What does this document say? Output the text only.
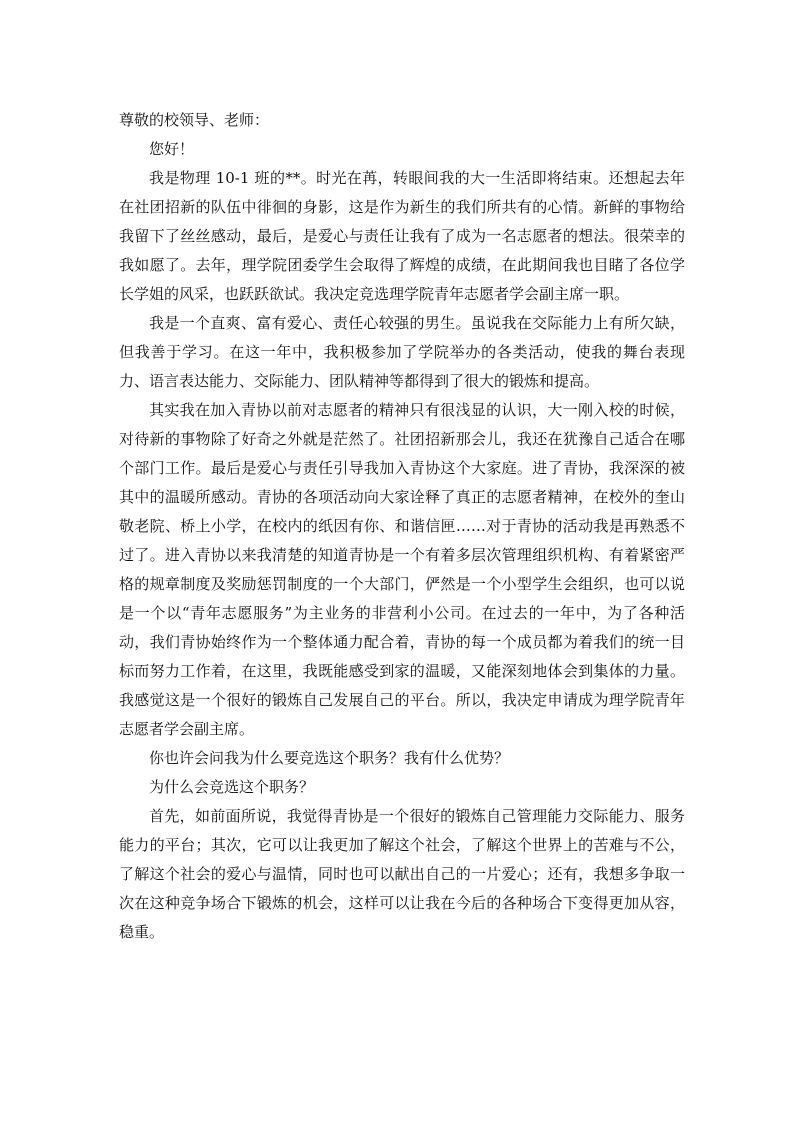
尊敬的校领导、老师：

您好！

我是物理 10-1 班的**。时光在苒，转眼间我的大一生活即将结束。还想起去年在社团招新的队伍中徘徊的身影，这是作为新生的我们所共有的心情。新鲜的事物给我留下了丝丝感动，最后，是爱心与责任让我有了成为一名志愿者的想法。很荣幸的我如愿了。去年，理学院团委学生会取得了辉煌的成绩，在此期间我也目睹了各位学长学姐的风采，也跃跃欲试。我决定竞选理学院青年志愿者学会副主席一职。

我是一个直爽、富有爱心、责任心较强的男生。虽说我在交际能力上有所欠缺，但我善于学习。在这一年中，我积极参加了学院举办的各类活动，使我的舞台表现力、语言表达能力、交际能力、团队精神等都得到了很大的锻炼和提高。

其实我在加入青协以前对志愿者的精神只有很浅显的认识，大一刚入校的时候，对待新的事物除了好奇之外就是茫然了。社团招新那会儿，我还在犹豫自己适合在哪个部门工作。最后是爱心与责任引导我加入青协这个大家庭。进了青协，我深深的被其中的温暖所感动。青协的各项活动向大家诠释了真正的志愿者精神，在校外的奎山敬老院、桥上小学，在校内的纸因有你、和谐信匣……对于青协的活动我是再熟悉不过了。进入青协以来我清楚的知道青协是一个有着多层次管理组织机构、有着紧密严格的规章制度及奖励惩罚制度的一个大部门，俨然是一个小型学生会组织，也可以说是一个以“青年志愿服务”为主业务的非营利小公司。在过去的一年中，为了各种活动，我们青协始终作为一个整体通力配合着，青协的每一个成员都为着我们的统一目标而努力工作着，在这里，我既能感受到家的温暖，又能深刻地体会到集体的力量。我感觉这是一个很好的锻炼自己发展自己的平台。所以，我决定申请成为理学院青年志愿者学会副主席。

你也许会问我为什么要竞选这个职务？我有什么优势？

为什么会竞选这个职务？

首先，如前面所说，我觉得青协是一个很好的锻炼自己管理能力交际能力、服务能力的平台；其次，它可以让我更加了解这个社会，了解这个世界上的苦难与不公，了解这个社会的爱心与温情，同时也可以献出自己的一片爱心；还有，我想多争取一次在这种竞争场合下锻炼的机会，这样可以让我在今后的各种场合下变得更加从容，稳重。
